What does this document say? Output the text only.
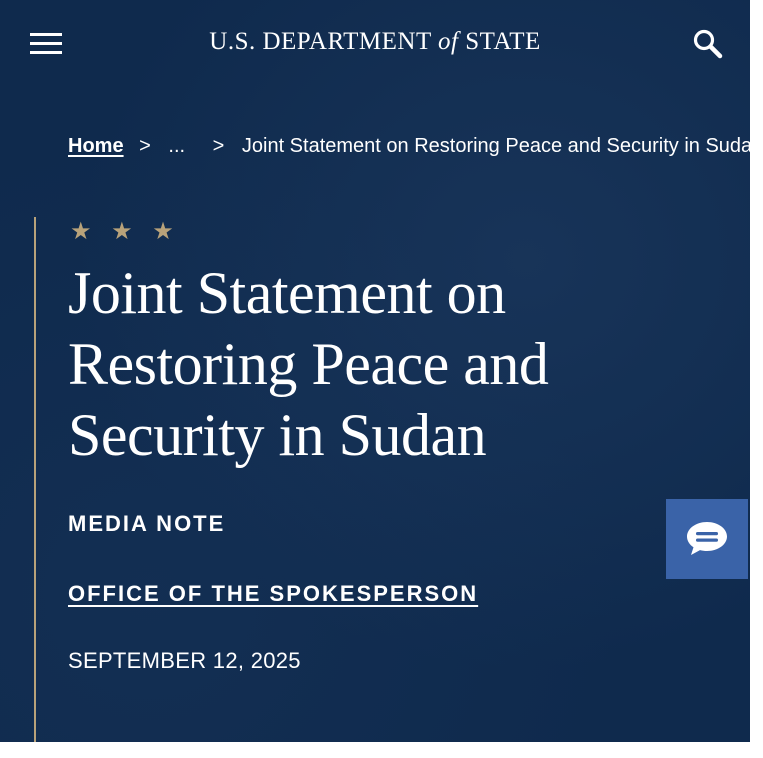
U.S. DEPARTMENT of STATE
Home > ... > Joint Statement on Restoring Peace and Security in Sudan
★ ★ ★
Joint Statement on Restoring Peace and Security in Sudan
MEDIA NOTE
OFFICE OF THE SPOKESPERSON
SEPTEMBER 12, 2025
